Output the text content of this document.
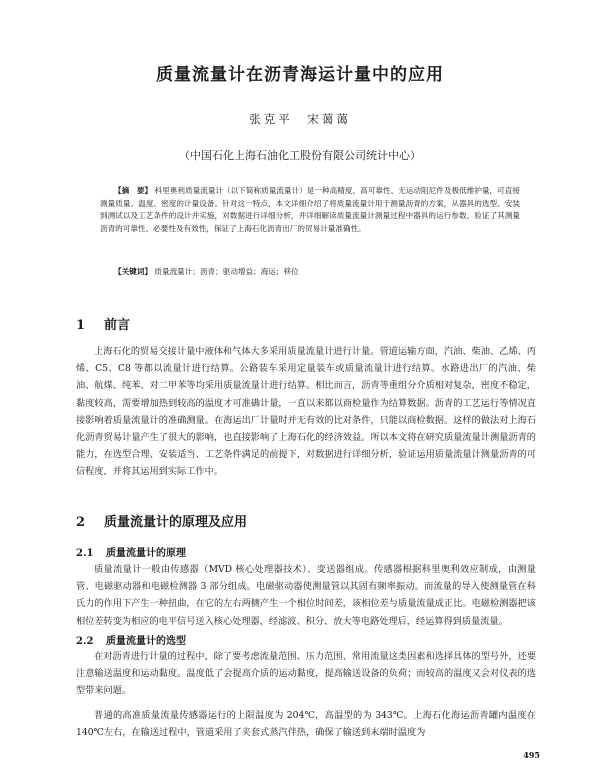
质量流量计在沥青海运计量中的应用
张克平　宋蔼蔼
（中国石化上海石油化工股份有限公司统计中心）
【摘　要】 科里奥利质量流量计（以下简称质量流量计）是一种高精度、高可靠性、无运动阻尼件及极低维护量，可直接测量质量、温度、密度的计量设备。针对这一特点，本文详细介绍了将质量流量计用于测量沥青的方案，从器具的选型、安装到测试以及工艺条件的设计并实施，对数据进行详细分析，并详细解读质量流量计测量过程中器具的运行参数，验证了其测量沥青的可靠性、必要性及有效性，保证了上海石化沥青出厂的贸易计量准确性。
【关键词】 质量流量计；沥青；驱动增益；海运；移位
1 前言
上海石化的贸易交接计量中液体和气体大多采用质量流量计进行计量。管道运输方面，汽油、柴油、乙烯、丙烯、C5、C8 等都以流量计进行结算。公路装车采用定量装车或质量流量计进行结算。水路进出厂的汽油、柴油、航煤、纯苯、对二甲苯等均采用质量流量计进行结算。相比而言，沥青等重组分介质相对复杂，密度不稳定，黏度较高，需要增加热到较高的温度才可准确计量，一直以来都以商检量作为结算数据。沥青的工艺运行等情况直接影响着质量流量计的准确测量。在海运出厂计量时并无有效的比对条件，只能以商检数据。这样的做法对上海石化沥青贸易计量产生了很大的影响，也直接影响了上海石化的经济效益。所以本文将在研究质量流量计测量沥青的能力，在选型合理、安装适当、工艺条件满足的前提下，对数据进行详细分析，验证运用质量流量计测量沥青的可信程度，并将其运用到实际工作中。
2 质量流量计的原理及应用
2.1 质量流量计的原理
质量流量计一般由传感器（MVD 核心处理器技术）、变送器组成。传感器根据科里奥利效应制成，由测量管、电磁驱动器和电磁检测器 3 部分组成。电磁驱动器使测量管以其固有频率振动。而流量的导入使测量管在科氏力的作用下产生一种扭曲，在它的左右两侧产生一个相位时间差，该相位差与质量流量成正比。电磁检测器把该相位差转变为相应的电平信号送入核心处理器，经滤波、积分、放大等电路处理后，经运算得到质量流量。
2.2 质量流量计的选型
在对沥青进行计量的过程中，除了要考虑流量范围、压力范围、常用流量这类因素和选择具体的型号外，还要注意输送温度和运动黏度。温度低了会提高介质的运动黏度，提高输送设备的负荷；而较高的温度又会对仪表的选型带来问题。
普通的高准质量流量传感器运行的上限温度为 204℃，高温型的为 343℃。上海石化海运沥青罐内温度在 140℃左右，在输送过程中，管道采用了夹套式蒸汽伴热，确保了输送到末端时温度为
495
